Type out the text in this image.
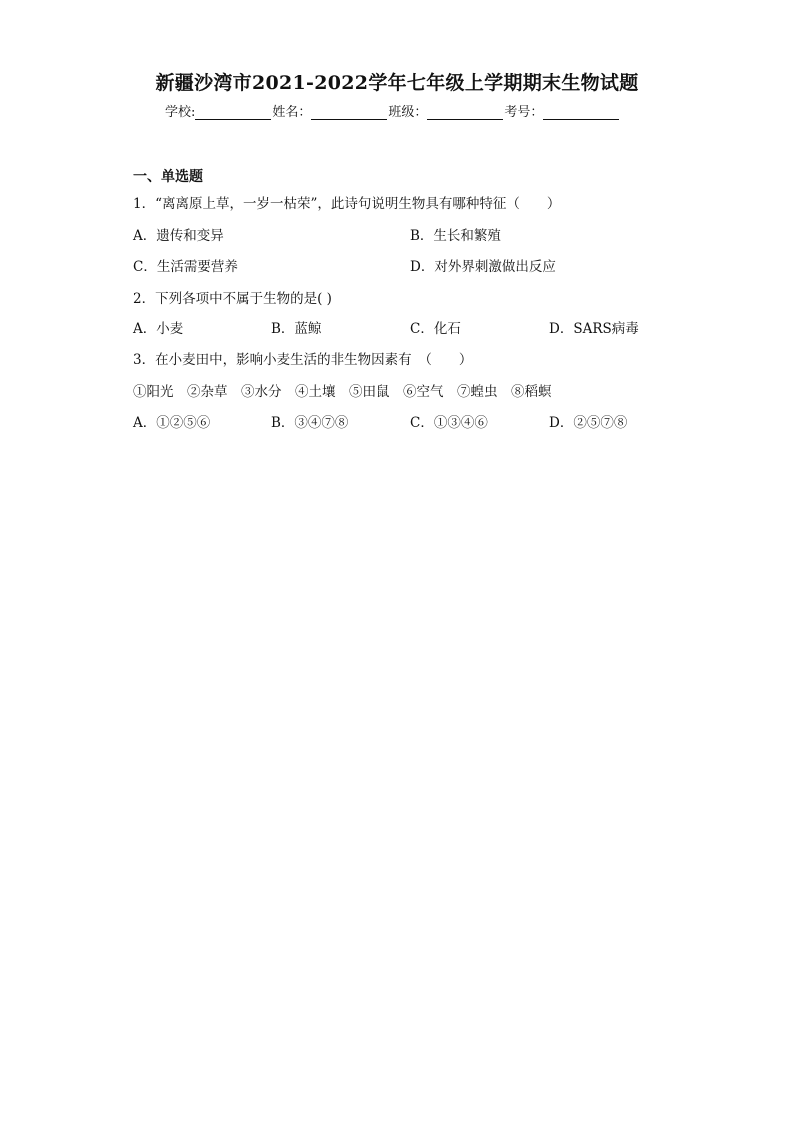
新疆沙湾市2021-2022学年七年级上学期期末生物试题
学校:	姓名：	班级：	考号：
一、单选题
1．“离离原上草，一岁一枯荣”，此诗句说明生物具有哪种特征（　　）
A．遗传和变异	B．生长和繁殖
C．生活需要营养	D．对外界刺激做出反应
2．下列各项中不属于生物的是( )
A．小麦	B．蓝鲸	C．化石	D．SARS病毒
3．在小麦田中，影响小麦生活的非生物因素有　（　　）
①阳光　②杂草　③水分　④土壤　⑤田鼠　⑥空气　⑦蝗虫　⑧稻螟
A．①②⑤⑥	B．③④⑦⑧	C．①③④⑥	D．②⑤⑦⑧
